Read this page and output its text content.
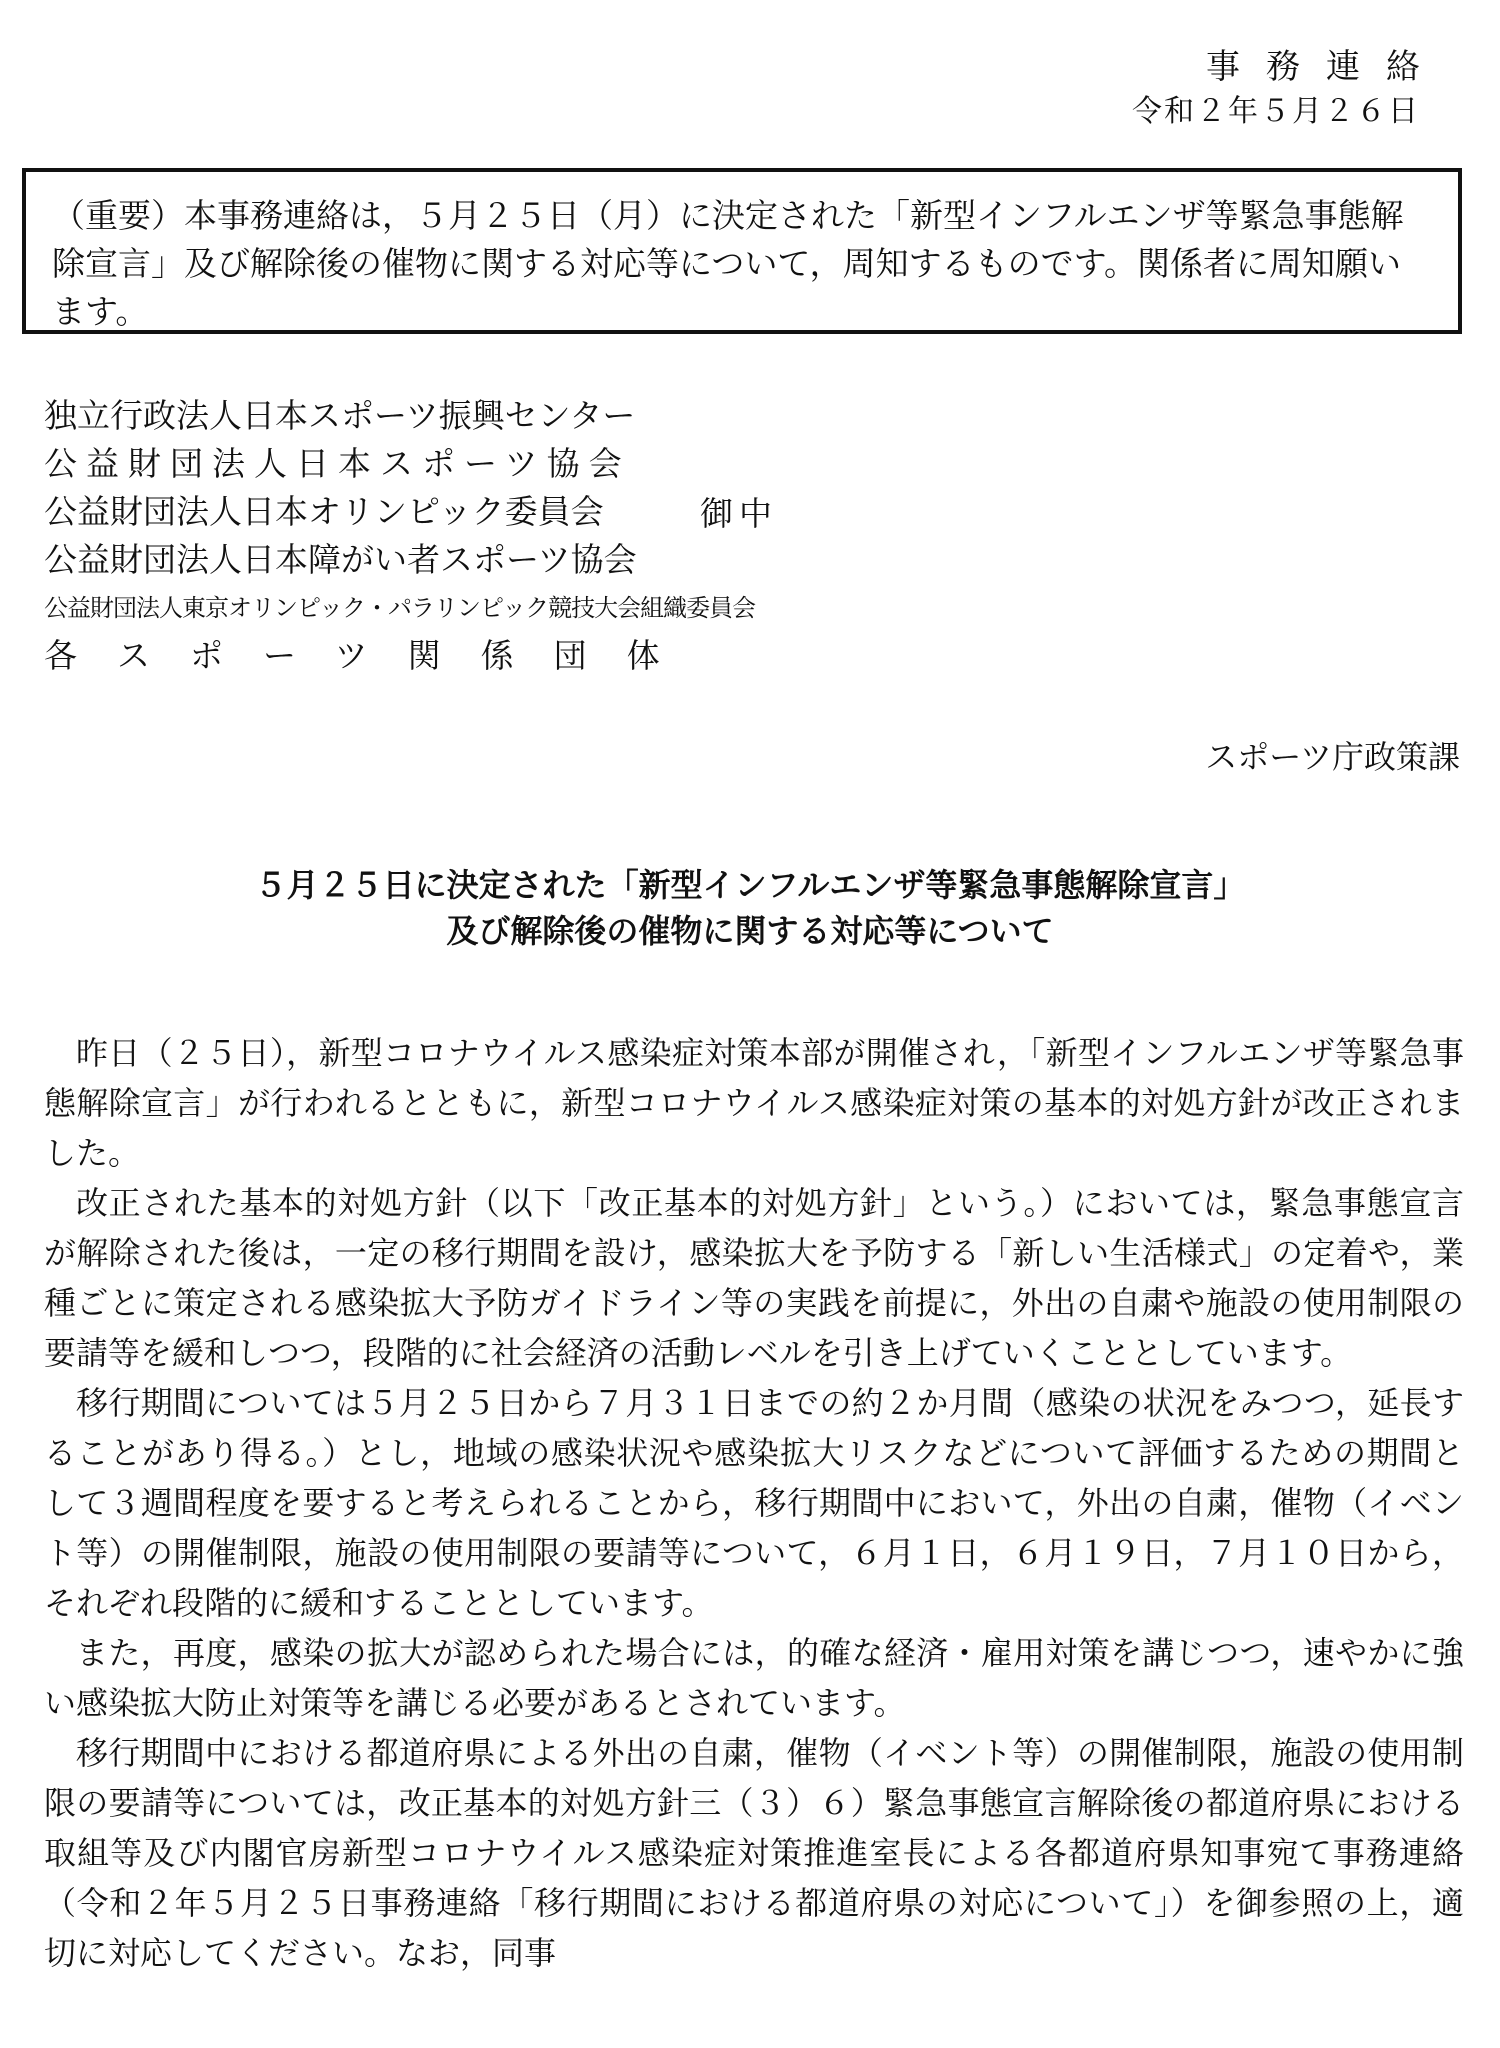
事務連絡
令和２年５月２６日
（重要）本事務連絡は，５月２５日（月）に決定された「新型インフルエンザ等緊急事態解除宣言」及び解除後の催物に関する対応等について，周知するものです。関係者に周知願います。
独立行政法人日本スポーツ振興センター
公益財団法人日本スポーツ協会
公益財団法人日本オリンピック委員会
公益財団法人日本障がい者スポーツ協会
公益財団法人東京オリンピック・パラリンピック競技大会組織委員会
各スポーツ関係団体
御中
スポーツ庁政策課
５月２５日に決定された「新型インフルエンザ等緊急事態解除宣言」
及び解除後の催物に関する対応等について

昨日（２５日），新型コロナウイルス感染症対策本部が開催され，「新型インフルエンザ等緊急事態解除宣言」が行われるとともに，新型コロナウイルス感染症対策の基本的対処方針が改正されました。

改正された基本的対処方針（以下「改正基本的対処方針」という。）においては，緊急事態宣言が解除された後は，一定の移行期間を設け，感染拡大を予防する「新しい生活様式」の定着や，業種ごとに策定される感染拡大予防ガイドライン等の実践を前提に，外出の自粛や施設の使用制限の要請等を緩和しつつ，段階的に社会経済の活動レベルを引き上げていくこととしています。

移行期間については５月２５日から７月３１日までの約２か月間（感染の状況をみつつ，延長することがあり得る。）とし，地域の感染状況や感染拡大リスクなどについて評価するための期間として３週間程度を要すると考えられることから，移行期間中において，外出の自粛，催物（イベント等）の開催制限，施設の使用制限の要請等について，６月１日，６月１９日，７月１０日から，それぞれ段階的に緩和することとしています。

また，再度，感染の拡大が認められた場合には，的確な経済・雇用対策を講じつつ，速やかに強い感染拡大防止対策等を講じる必要があるとされています。

移行期間中における都道府県による外出の自粛，催物（イベント等）の開催制限，施設の使用制限の要請等については，改正基本的対処方針三（３）６）緊急事態宣言解除後の都道府県における取組等及び内閣官房新型コロナウイルス感染症対策推進室長による各都道府県知事宛て事務連絡（令和２年５月２５日事務連絡「移行期間における都道府県の対応について」）を御参照の上，適切に対応してください。なお，同事
